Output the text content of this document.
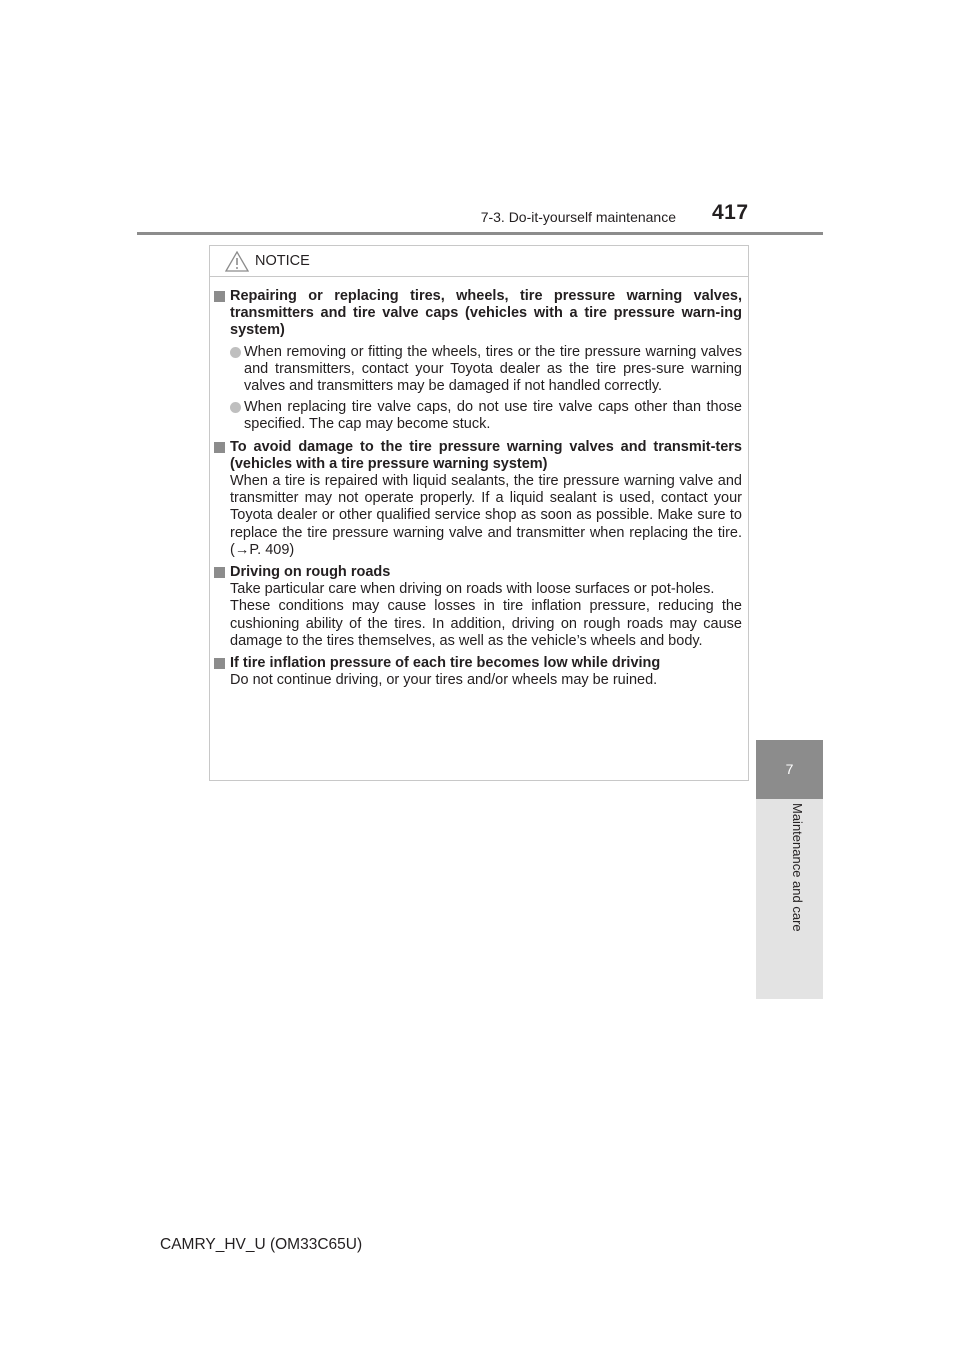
7-3. Do-it-yourself maintenance 417
7
Maintenance and care
NOTICE
Repairing or replacing tires, wheels, tire pressure warning valves, transmitters and tire valve caps (vehicles with a tire pressure warn-ing system)
When removing or fitting the wheels, tires or the tire pressure warning valves and transmitters, contact your Toyota dealer as the tire pres-sure warning valves and transmitters may be damaged if not handled correctly.
When replacing tire valve caps, do not use tire valve caps other than those specified. The cap may become stuck.
To avoid damage to the tire pressure warning valves and transmit-ters (vehicles with a tire pressure warning system)
When a tire is repaired with liquid sealants, the tire pressure warning valve and transmitter may not operate properly. If a liquid sealant is used, contact your Toyota dealer or other qualified service shop as soon as possible. Make sure to replace the tire pressure warning valve and transmitter when replacing the tire. (→P. 409)
Driving on rough roads
Take particular care when driving on roads with loose surfaces or pot-holes.
These conditions may cause losses in tire inflation pressure, reducing the cushioning ability of the tires. In addition, driving on rough roads may cause damage to the tires themselves, as well as the vehicle’s wheels and body.
If tire inflation pressure of each tire becomes low while driving
Do not continue driving, or your tires and/or wheels may be ruined.
CAMRY_HV_U (OM33C65U)
